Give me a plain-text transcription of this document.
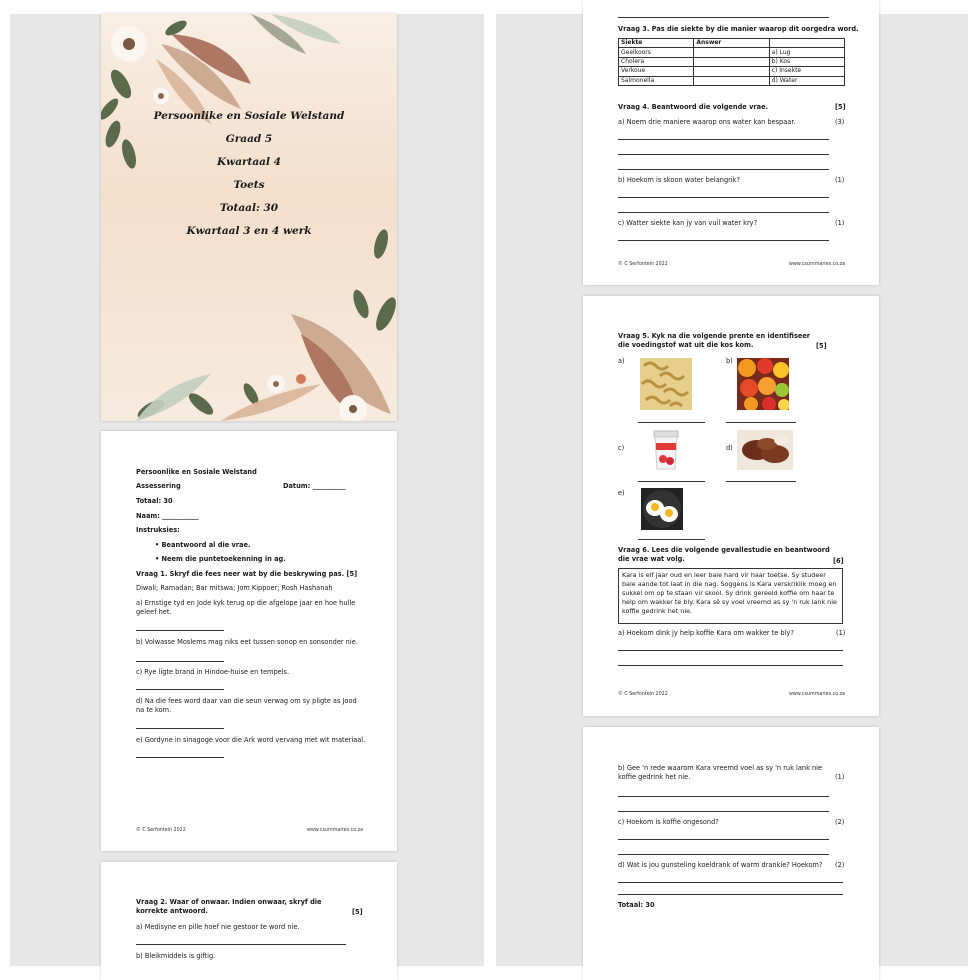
Persoonlike en Sosiale Welstand
Graad 5
Kwartaal 4
Toets
Totaal: 30
Kwartaal 3 en 4 werk
Persoonlike en Sosiale Welstand
Assessering	Datum: __________
Totaal: 30
Naam: ___________
Instruksies:
• Beantwoord al die vrae.
• Neem die puntetoekenning in ag.
Vraag 1. Skryf die fees neer wat by die beskrywing pas. [5]
Diwali; Ramadan; Bar mitswa; Jom Kippoer; Rosh Hashanah
a) Ernstige tyd en Jode kyk terug op die afgelope jaar en hoe hulle geleef het.
b) Volwasse Moslems mag niks eet tussen sonop en sonsonder nie.
c) Rye ligte brand in Hindoe-huise en tempels.
d) Na die fees word daar van die seun verwag om sy pligte as Jood na te kom.
e) Gordyne in sinagoge voor die Ark word vervang met wit materiaal.
© C Serfontein 2022	www.csummaries.co.za
Vraag 2. Waar of onwaar. Indien onwaar, skryf die korrekte antwoord.	[5]
a) Medisyne en pille hoef nie gestoor te word nie.
b) Bleikmiddels is giftig.
Vraag 3. Pas die siekte by die manier waarop dit oorgedra word.
Siekte	Answer	
Geelkoors		a) Lug
Cholera		b) Kos
Verkoue		c) Insekte
Salmonella		d) Water
Vraag 4. Beantwoord die volgende vrae.	[5]
a) Noem drie maniere waarop ons water kan bespaar.	(3)
b) Hoekom is skoon water belangrik?	(1)
c) Watter siekte kan jy van vuil water kry?	(1)
© C Serfontein 2022	www.csummaries.co.za
Vraag 5. Kyk na die volgende prente en identifiseer die voedingstof wat uit die kos kom.	[5]
a)	b)
c)	d)
e)
Vraag 6. Lees die volgende gevallestudie en beantwoord die vrae wat volg.	[6]
Kara is elf jaar oud en leer baie hard vir haar toetse. Sy studeer baie aande tot laat in die nag. Soggens is Kara verskriklik moeg en sukkel om op te staan vir skool. Sy drink gereeld koffie om haar te help om wakker te bly. Kara sê sy voel vreemd as sy 'n ruk lank nie koffie gedrink het nie.
a) Hoekom dink jy help koffie Kara om wakker te bly?	(1)
© C Serfontein 2022	www.csummaries.co.za
b) Gee 'n rede waarom Kara vreemd voel as sy 'n ruk lank nie koffie gedrink het nie.	(1)
c) Hoekom is koffie ongesond?	(2)
d) Wat is jou gunsteling koeldrank of warm drankie? Hoekom? (2)
Totaal: 30
